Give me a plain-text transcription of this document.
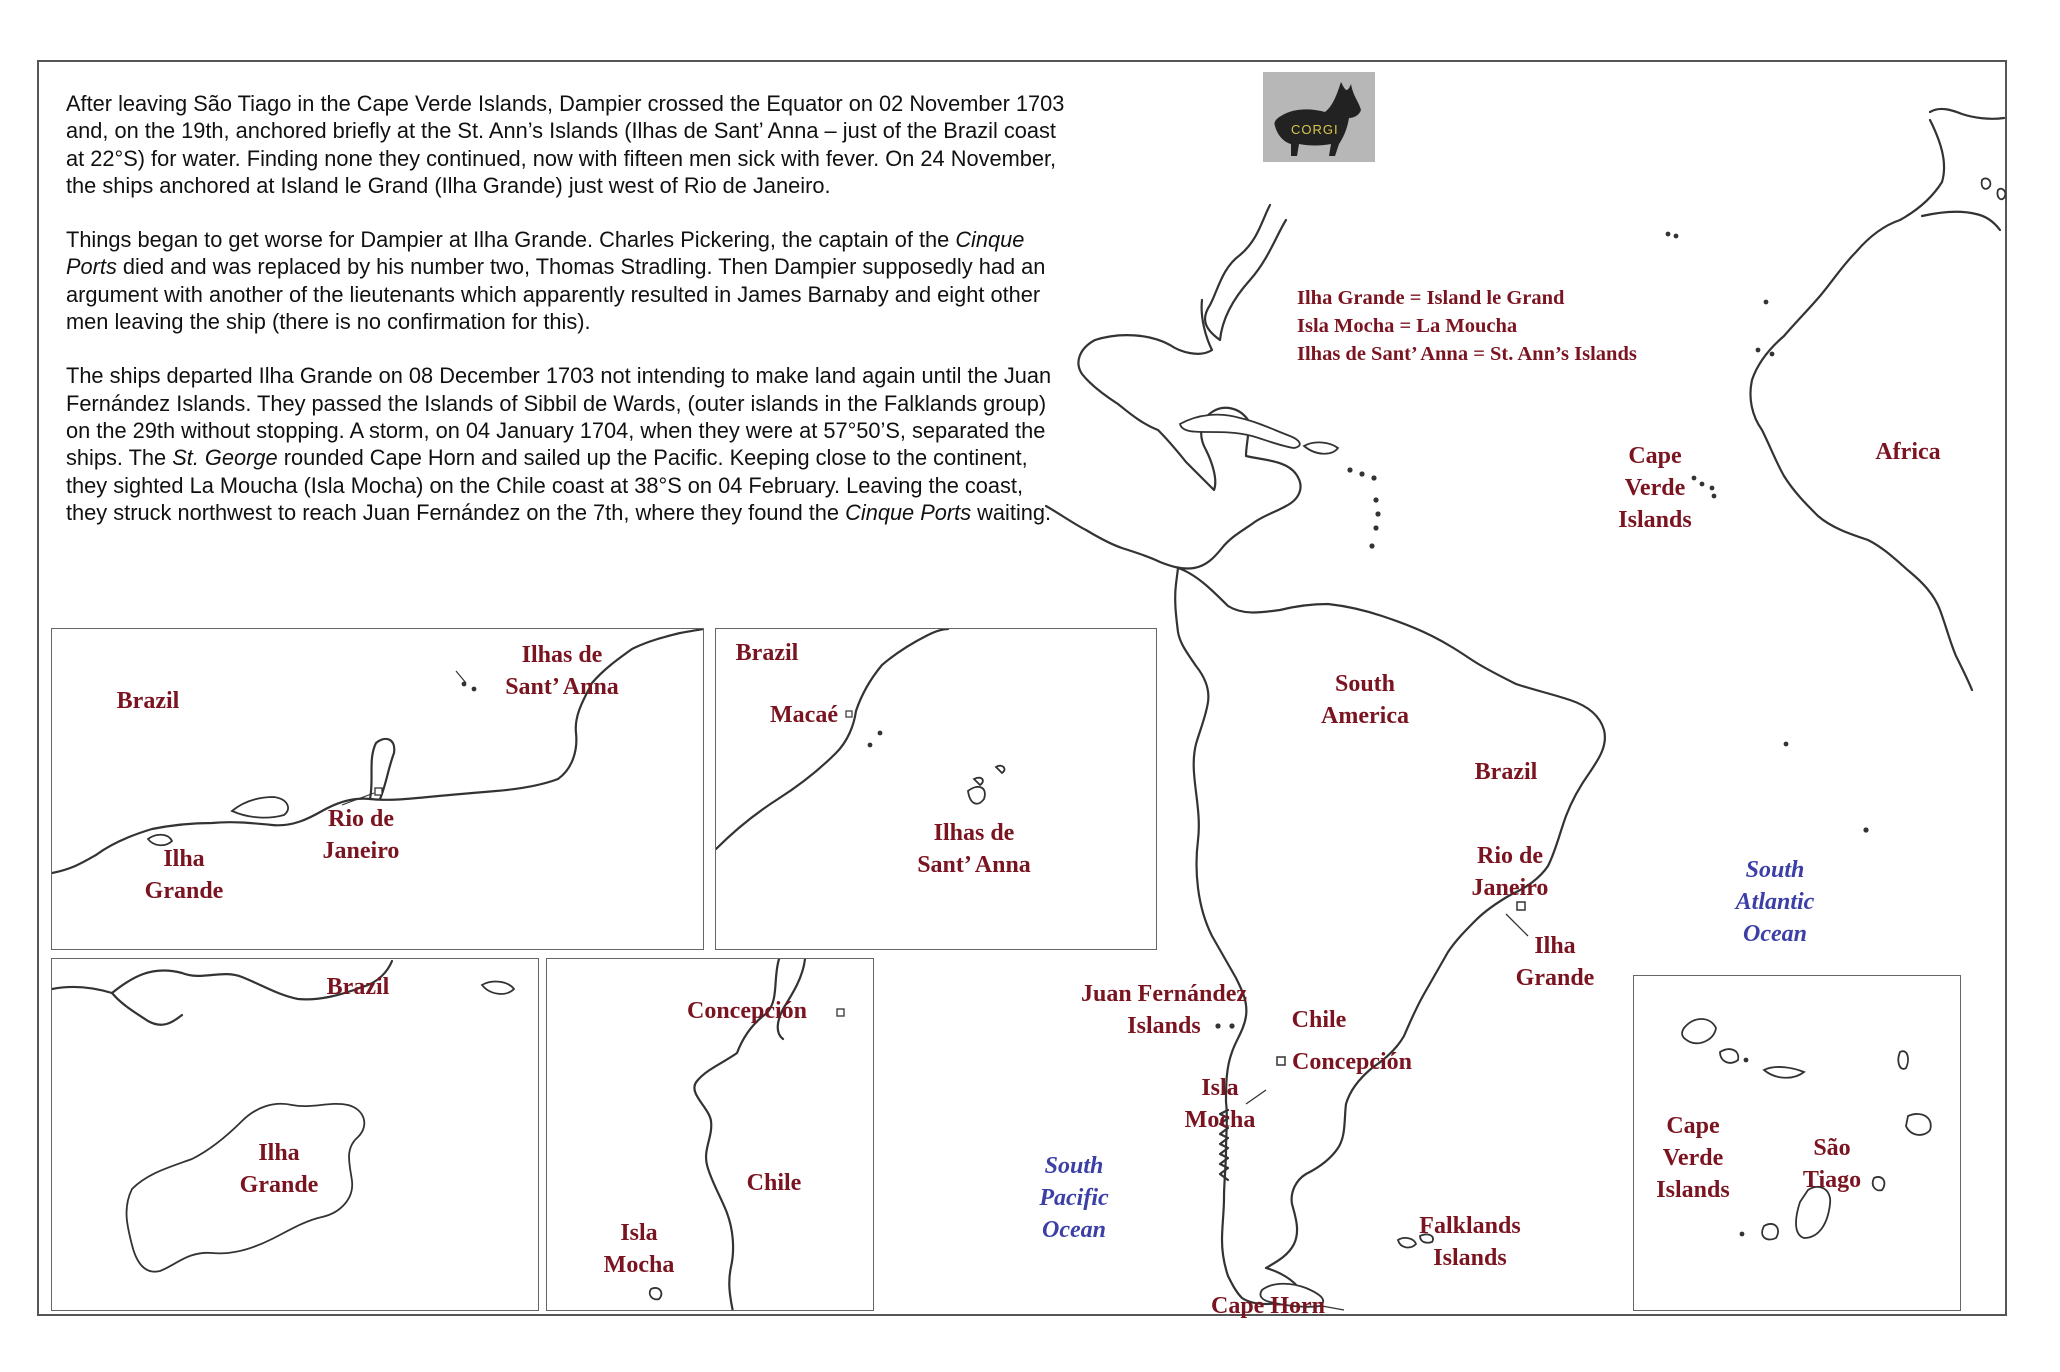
CORGI

After leaving São Tiago in the Cape Verde Islands, Dampier crossed the Equator on 02 November 1703 and, on the 19th, anchored briefly at the St. Ann’s Islands (Ilhas de Sant’ Anna – just of the Brazil coast at 22°S) for water. Finding none they continued, now with fifteen men sick with fever. On 24 November, the ships anchored at Island le Grand (Ilha Grande) just west of Rio de Janeiro.

Things began to get worse for Dampier at Ilha Grande. Charles Pickering, the captain of the Cinque Ports died and was replaced by his number two, Thomas Stradling. Then Dampier supposedly had an argument with another of the lieutenants which apparently resulted in James Barnaby and eight other men leaving the ship (there is no confirmation for this).

The ships departed Ilha Grande on 08 December 1703 not intending to make land again until the Juan Fernández Islands. They passed the Islands of Sibbil de Wards, (outer islands in the Falklands group) on the 29th without stopping. A storm, on 04 January 1704, when they were at 57°50’S, separated the ships. The St. George rounded Cape Horn and sailed up the Pacific. Keeping close to the continent, they sighted La Moucha (Isla Mocha) on the Chile coast at 38°S on 04 February. Leaving the coast, they struck northwest to reach Juan Fernández on the 7th, where they found the Cinque Ports waiting.

Ilha Grande = Island le Grand
Isla Mocha = La Moucha
Ilhas de Sant’ Anna = St. Ann’s Islands
Cape
Verde
Islands
Africa
South
America
Brazil
Rio de
Janeiro
Ilha
Grande
Juan Fernández
Islands	Chile
Concepción
Isla
Mocha
Falklands
Islands
Cape Horn
South
Atlantic
Ocean
South
Pacific
Ocean
Brazil
Ilhas de
Sant’ Anna
Rio de
Janeiro
Ilha
Grande
Brazil
Macaé
Ilhas de
Sant’ Anna
Brazil
Ilha
Grande
Concepción
Chile
Isla
Mocha
Cape
Verde
Islands
São
Tiago
